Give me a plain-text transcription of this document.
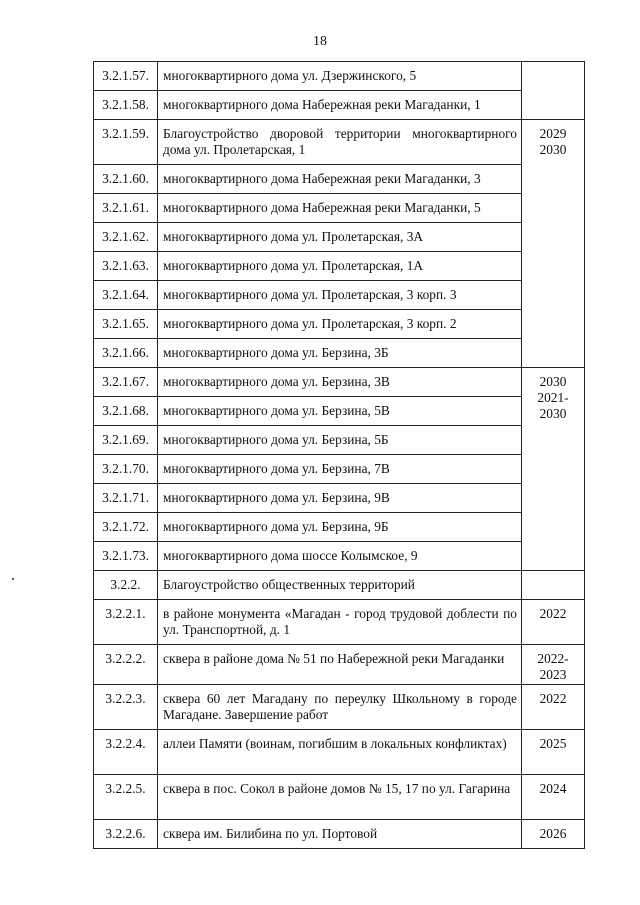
18
3.2.1.57.	многоквартирного дома ул. Дзержинского, 5	
3.2.1.58.	многоквартирного дома Набережная реки Магаданки, 1	
3.2.1.59.	Благоустройство дворовой территории многоквартирного дома ул. Пролетарская, 1	2029
2030

3.2.1.60.	многоквартирного дома Набережная реки Магаданки, 3	
3.2.1.61.	многоквартирного дома Набережная реки Магаданки, 5	
3.2.1.62.	многоквартирного дома ул. Пролетарская, 3А	
3.2.1.63.	многоквартирного дома ул. Пролетарская, 1А	
3.2.1.64.	многоквартирного дома ул. Пролетарская, 3 корп. 3	
3.2.1.65.	многоквартирного дома ул. Пролетарская, 3 корп. 2	
3.2.1.66.	многоквартирного дома ул. Берзина, 3Б	
3.2.1.67.	многоквартирного дома ул. Берзина, 3В	2030
2021-
2030

3.2.1.68.	многоквартирного дома ул. Берзина, 5В	
3.2.1.69.	многоквартирного дома ул. Берзина, 5Б	
3.2.1.70.	многоквартирного дома ул. Берзина, 7В	
3.2.1.71.	многоквартирного дома ул. Берзина, 9В	
3.2.1.72.	многоквартирного дома ул. Берзина, 9Б	
3.2.1.73.	многоквартирного дома шоссе Колымское, 9	
3.2.2.	Благоустройство общественных территорий	
3.2.2.1.	в районе монумента «Магадан - город трудовой доблести по ул. Транспортной, д. 1	2022

3.2.2.2.	сквера в районе дома № 51 по Набережной реки Магаданки	2022-
2023

3.2.2.3.	сквера 60 лет Магадану по переулку Школьному в городе Магадане. Завершение работ	2022

3.2.2.4.	аллеи Памяти (воинам, погибшим в локальных конфликтах)	2025

3.2.2.5.	сквера в пос. Сокол в районе домов № 15, 17 по ул. Гагарина	2024

3.2.2.6.	сквера им. Билибина по ул. Портовой	2026
